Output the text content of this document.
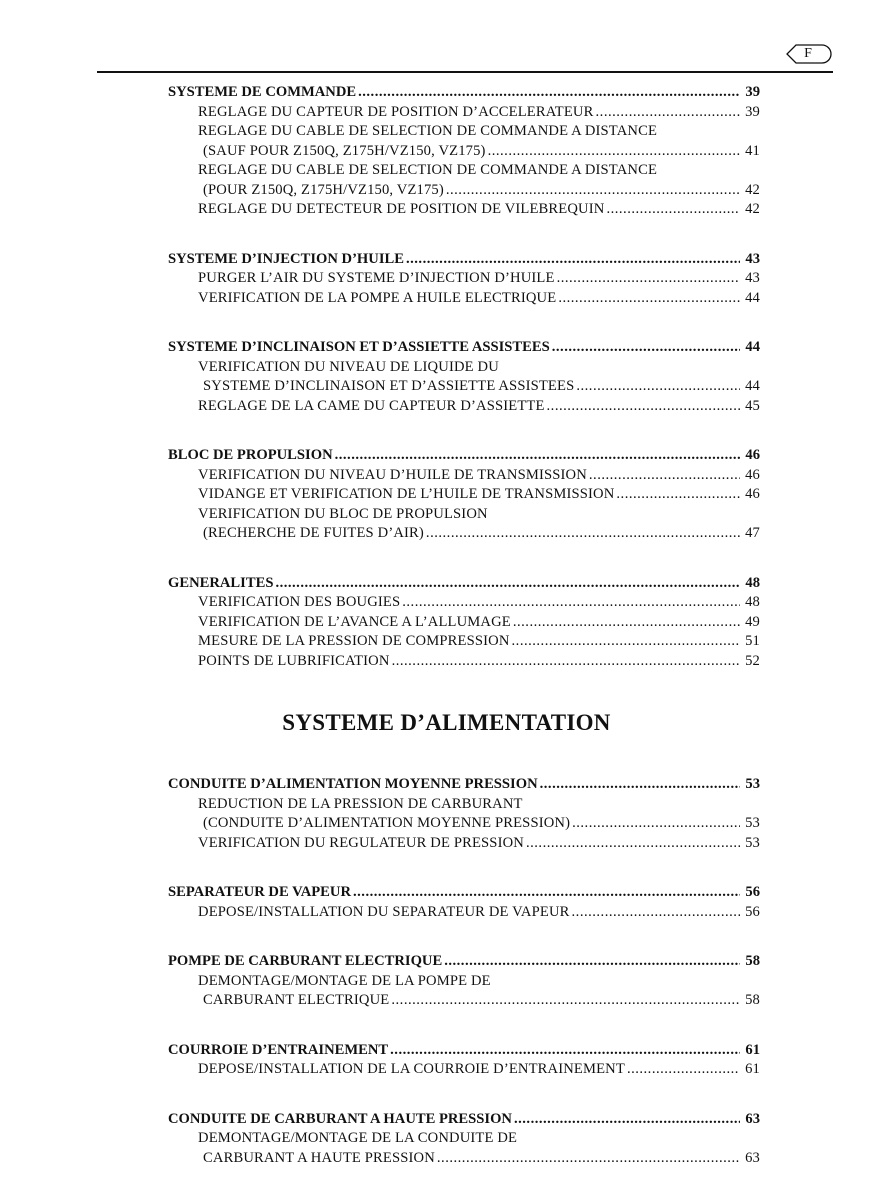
F
SYSTEME DE COMMANDE .....	39
REGLAGE DU CAPTEUR DE POSITION D’ACCELERATEUR .....	39
REGLAGE DU CABLE DE SELECTION DE COMMANDE A DISTANCE
(SAUF POUR Z150Q, Z175H/VZ150, VZ175) .....	41
REGLAGE DU CABLE DE SELECTION DE COMMANDE A DISTANCE
(POUR Z150Q, Z175H/VZ150, VZ175) .....	42
REGLAGE DU DETECTEUR DE POSITION DE VILEBREQUIN .....	42
SYSTEME D’INJECTION D’HUILE .....	43
PURGER L’AIR DU SYSTEME D’INJECTION D’HUILE .....	43
VERIFICATION DE LA POMPE A HUILE ELECTRIQUE .....	44
SYSTEME D’INCLINAISON ET D’ASSIETTE ASSISTEES .....	44
VERIFICATION DU NIVEAU DE LIQUIDE DU
SYSTEME D’INCLINAISON ET D’ASSIETTE ASSISTEES .....	44
REGLAGE DE LA CAME DU CAPTEUR D’ASSIETTE .....	45
BLOC DE PROPULSION .....	46
VERIFICATION DU NIVEAU D’HUILE DE TRANSMISSION .....	46
VIDANGE ET VERIFICATION DE L’HUILE DE TRANSMISSION .....	46
VERIFICATION DU BLOC DE PROPULSION
(RECHERCHE DE FUITES D’AIR) .....	47
GENERALITES .....	48
VERIFICATION DES BOUGIES .....	48
VERIFICATION DE L’AVANCE A L’ALLUMAGE .....	49
MESURE DE LA PRESSION DE COMPRESSION .....	51
POINTS DE LUBRIFICATION .....	52
SYSTEME D’ALIMENTATION
CONDUITE D’ALIMENTATION MOYENNE PRESSION .....	53
REDUCTION DE LA PRESSION DE CARBURANT
(CONDUITE D’ALIMENTATION MOYENNE PRESSION) .....	53
VERIFICATION DU REGULATEUR DE PRESSION .....	53
SEPARATEUR DE VAPEUR .....	56
DEPOSE/INSTALLATION DU SEPARATEUR DE VAPEUR .....	56
POMPE DE CARBURANT ELECTRIQUE .....	58
DEMONTAGE/MONTAGE DE LA POMPE DE
CARBURANT ELECTRIQUE .....	58
COURROIE D’ENTRAINEMENT .....	61
DEPOSE/INSTALLATION DE LA COURROIE D’ENTRAINEMENT .....	61
CONDUITE DE CARBURANT A HAUTE PRESSION .....	63
DEMONTAGE/MONTAGE DE LA CONDUITE DE
CARBURANT A HAUTE PRESSION .....	63
